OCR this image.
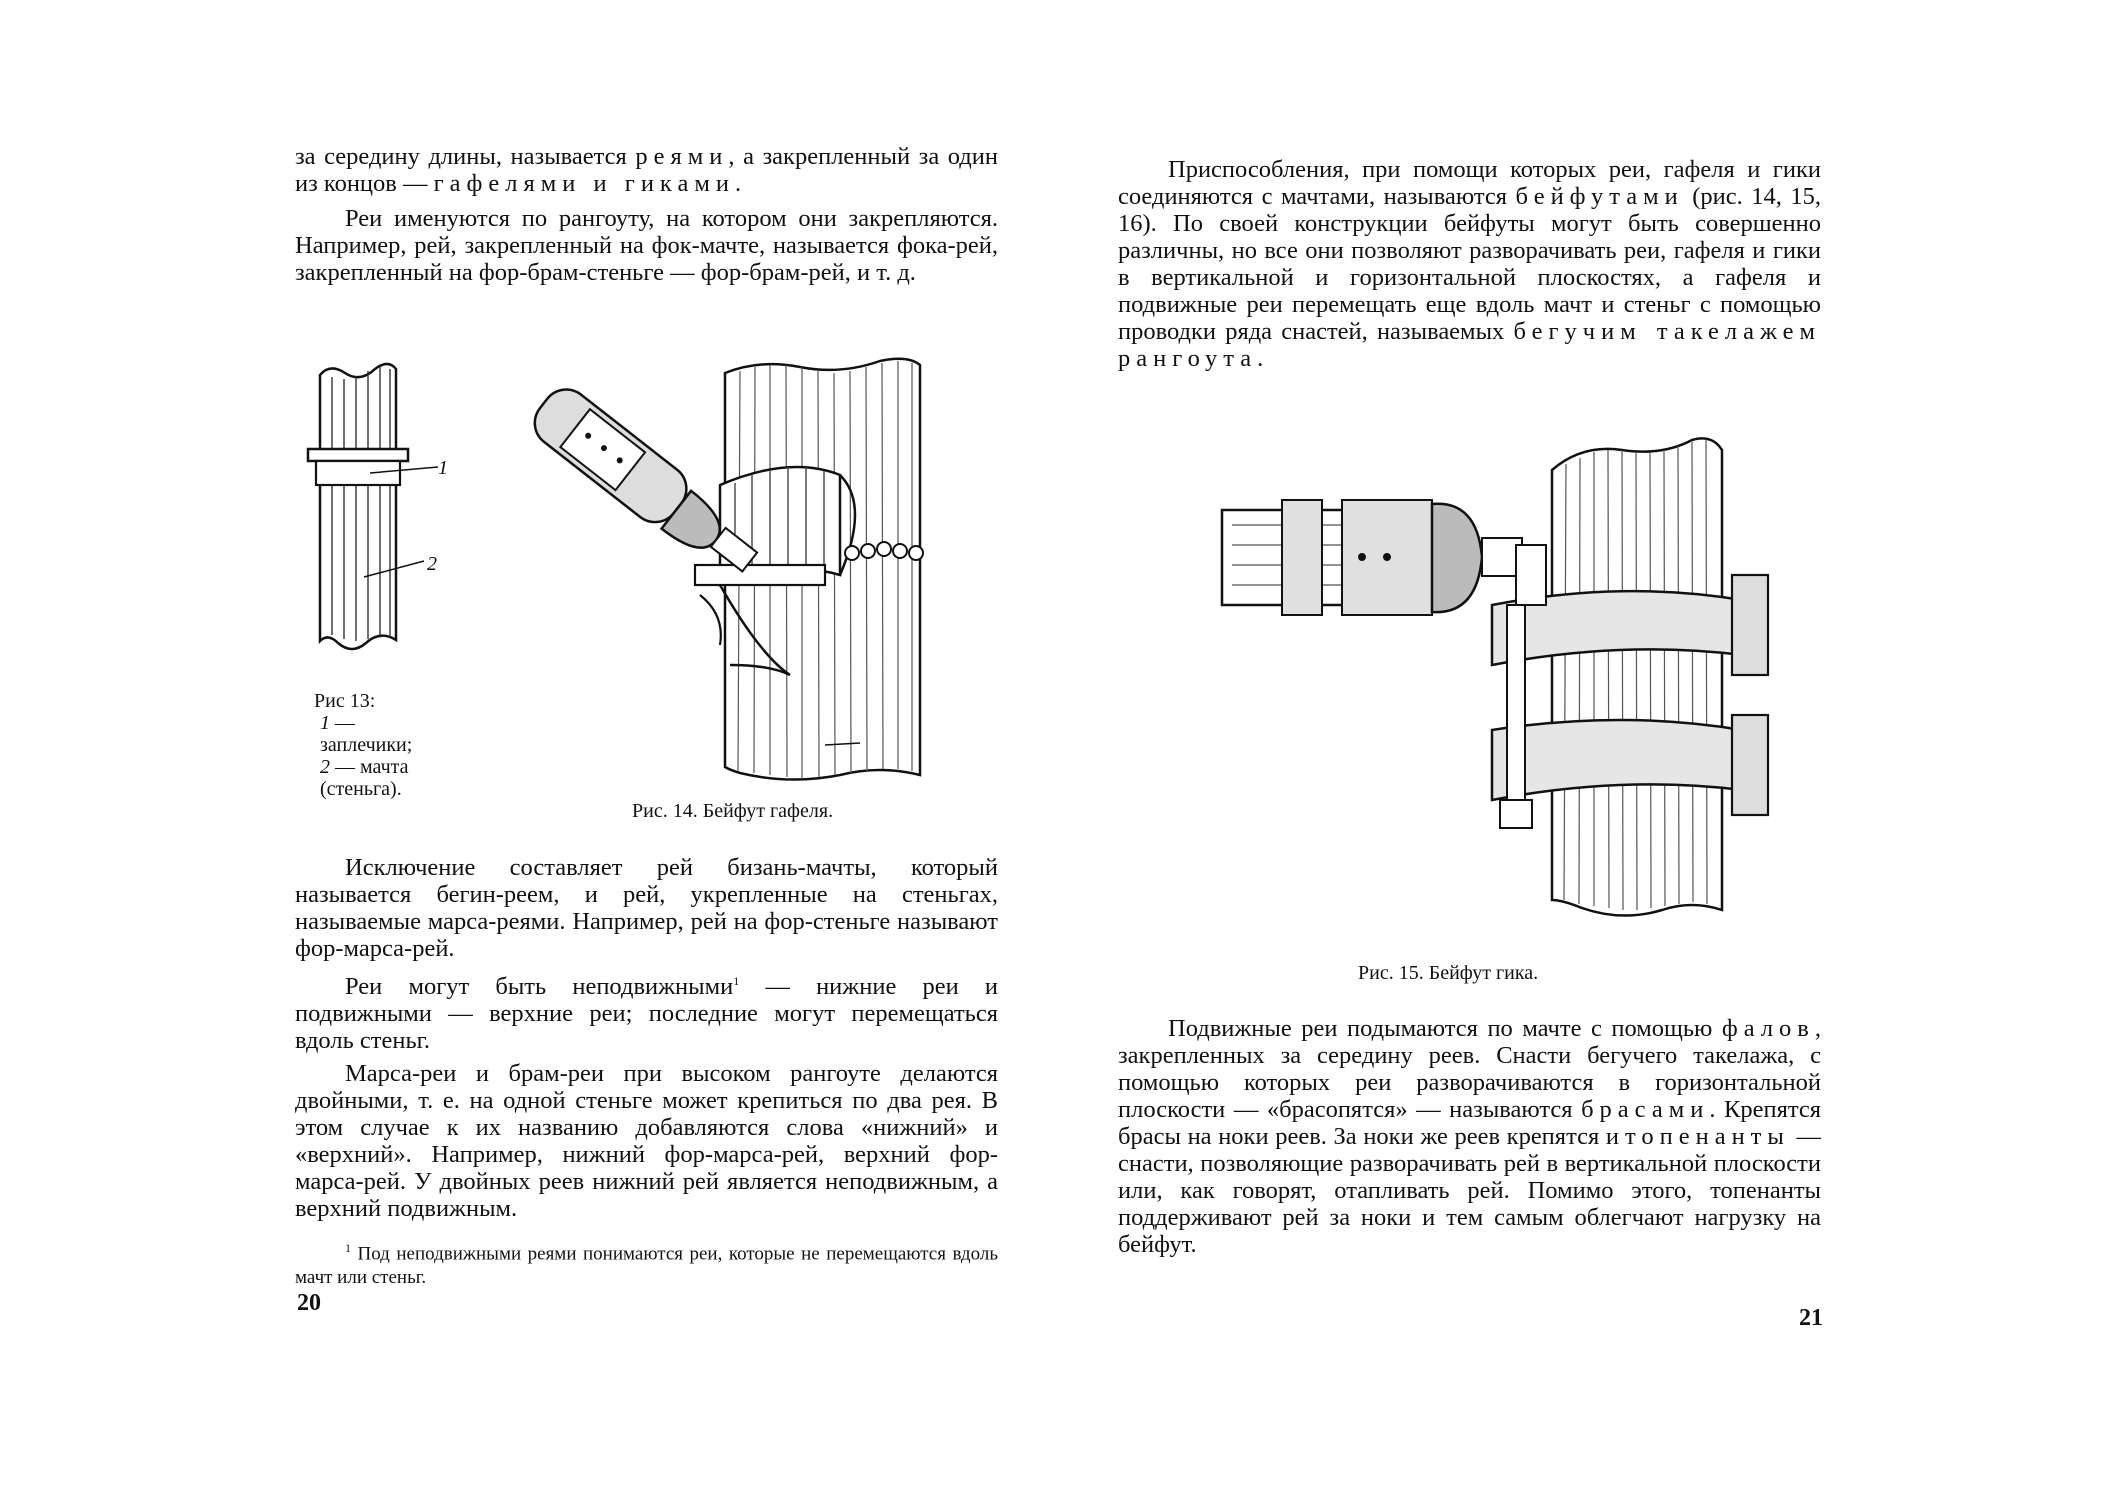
за середину длины, называется реями, а закрепленный за один из концов — гафелями и гиками.

Реи именуются по рангоуту, на котором они закрепляются. Например, рей, закрепленный на фок-мачте, называется фока-рей, закрепленный на фор-брам-стеньге — фор-брам-рей, и т. д.

1
2
Рис 13:
1 — заплечики;
2 — мачта (стеньга).
Рис. 14. Бейфут гафеля.

Исключение составляет рей бизань-мачты, который называется бегин-реем, и рей, укрепленные на стеньгах, называемые марса-реями. Например, рей на фор-стеньге называют фор-марса-рей.

Реи могут быть неподвижными$^1$ — нижние реи и подвижными — верхние реи; последние могут перемещаться вдоль стеньг.

Марса-реи и брам-реи при высоком рангоуте делаются двойными, т. е. на одной стеньге может крепиться по два рея. В этом случае к их названию добавляются слова «нижний» и «верхний». Например, нижний фор-марса-рей, верхний фор-марса-рей. У двойных реев нижний рей является неподвижным, а верхний подвижным.

$^1$ Под неподвижными реями понимаются реи, которые не перемещаются вдоль мачт или стеньг.
20

Приспособления, при помощи которых реи, гафеля и гики соединяются с мачтами, называются бейфутами (рис. 14, 15, 16). По своей конструкции бейфуты могут быть совершенно различны, но все они позволяют разворачивать реи, гафеля и гики в вертикальной и горизонтальной плоскостях, а гафеля и подвижные реи перемещать еще вдоль мачт и стеньг с помощью проводки ряда снастей, называемых бегучим такелажем рангоута.

Рис. 15. Бейфут гика.

Подвижные реи подымаются по мачте с помощью фалов, закрепленных за середину реев. Снасти бегучего такелажа, с помощью которых реи разворачиваются в горизонтальной плоскости — «брасопятся» — называются брасами. Крепятся брасы на ноки реев. За ноки же реев крепятся итопенанты — снасти, позволяющие разворачивать рей в вертикальной плоскости или, как говорят, отапливать рей. Помимо этого, топенанты поддерживают рей за ноки и тем самым облегчают нагрузку на бейфут.

21
